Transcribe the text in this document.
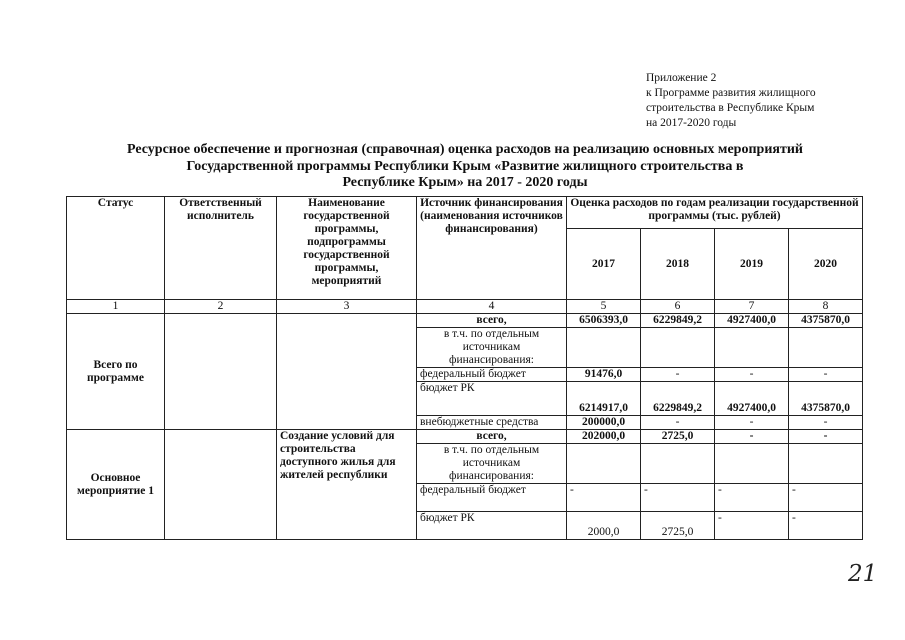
Приложение 2
к Программе развития жилищного
строительства в Республике Крым
на 2017-2020 годы
Ресурсное обеспечение и прогнозная (справочная) оценка расходов на реализацию основных мероприятий
Государственной программы Республики Крым «Развитие жилищного строительства в
Республике Крым» на 2017 - 2020 годы
Статус	Ответственный исполнитель	Наименование государственной программы, подпрограммы государственной программы, мероприятий	Источник финансирования (наименования источников финансирования)	Оценка расходов по годам реализации государственной программы (тыс. рублей)			
				2017	2018	2019	2020
1	2	3	4	5	6	7	8
Всего по программе			всего,	6506393,0	6229849,2	4927400,0	4375870,0
			в т.ч. по отдельным источникам финансирования:				
			федеральный бюджет	91476,0	-	-	-
			бюджет РК	6214917,0	6229849,2	4927400,0	4375870,0
			внебюджетные средства	200000,0	-	-	-
Основное мероприятие 1		Создание условий для строительства доступного жилья для жителей республики	всего,	202000,0	2725,0	-	-
			в т.ч. по отдельным источникам финансирования:				
			федеральный бюджет	-	-	-	-
			бюджет РК	2000,0	2725,0	-	-
21
